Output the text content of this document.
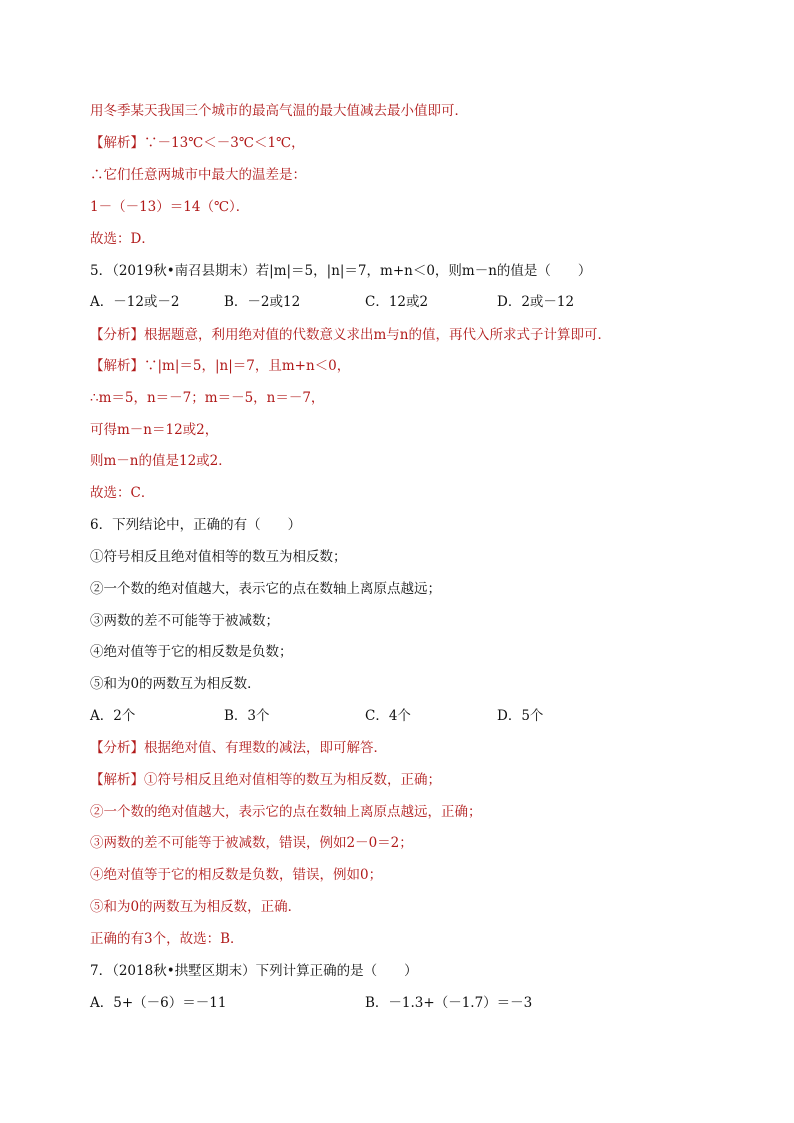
用冬季某天我国三个城市的最高气温的最大值减去最小值即可．
【解析】∵－13℃＜－3℃＜1℃，
∴它们任意两城市中最大的温差是：
1－（－13）＝14（℃）．
故选：D．
5．（2019秋•南召县期末）若|m|＝5，|n|＝7，m+n＜0，则m－n的值是（　　）
A．－12或－2	B．－2或12	C．12或2	D．2或－12
【分析】根据题意，利用绝对值的代数意义求出m与n的值，再代入所求式子计算即可．
【解析】∵|m|＝5，|n|＝7，且m+n＜0，
∴m＝5，n＝－7；m＝－5，n＝－7，
可得m－n＝12或2，
则m－n的值是12或2．
故选：C．
6．下列结论中，正确的有（　　）
①符号相反且绝对值相等的数互为相反数；
②一个数的绝对值越大，表示它的点在数轴上离原点越远；
③两数的差不可能等于被减数；
④绝对值等于它的相反数是负数；
⑤和为0的两数互为相反数．
A．2个	B．3个	C．4个	D．5个
【分析】根据绝对值、有理数的减法，即可解答．
【解析】①符号相反且绝对值相等的数互为相反数，正确；
②一个数的绝对值越大，表示它的点在数轴上离原点越远，正确；
③两数的差不可能等于被减数，错误，例如2－0＝2；
④绝对值等于它的相反数是负数，错误，例如0；
⑤和为0的两数互为相反数，正确．
正确的有3个，故选：B．
7．（2018秋•拱墅区期末）下列计算正确的是（　　）
A．5+（－6）＝－11	B．－1.3+（－1.7）＝－3
